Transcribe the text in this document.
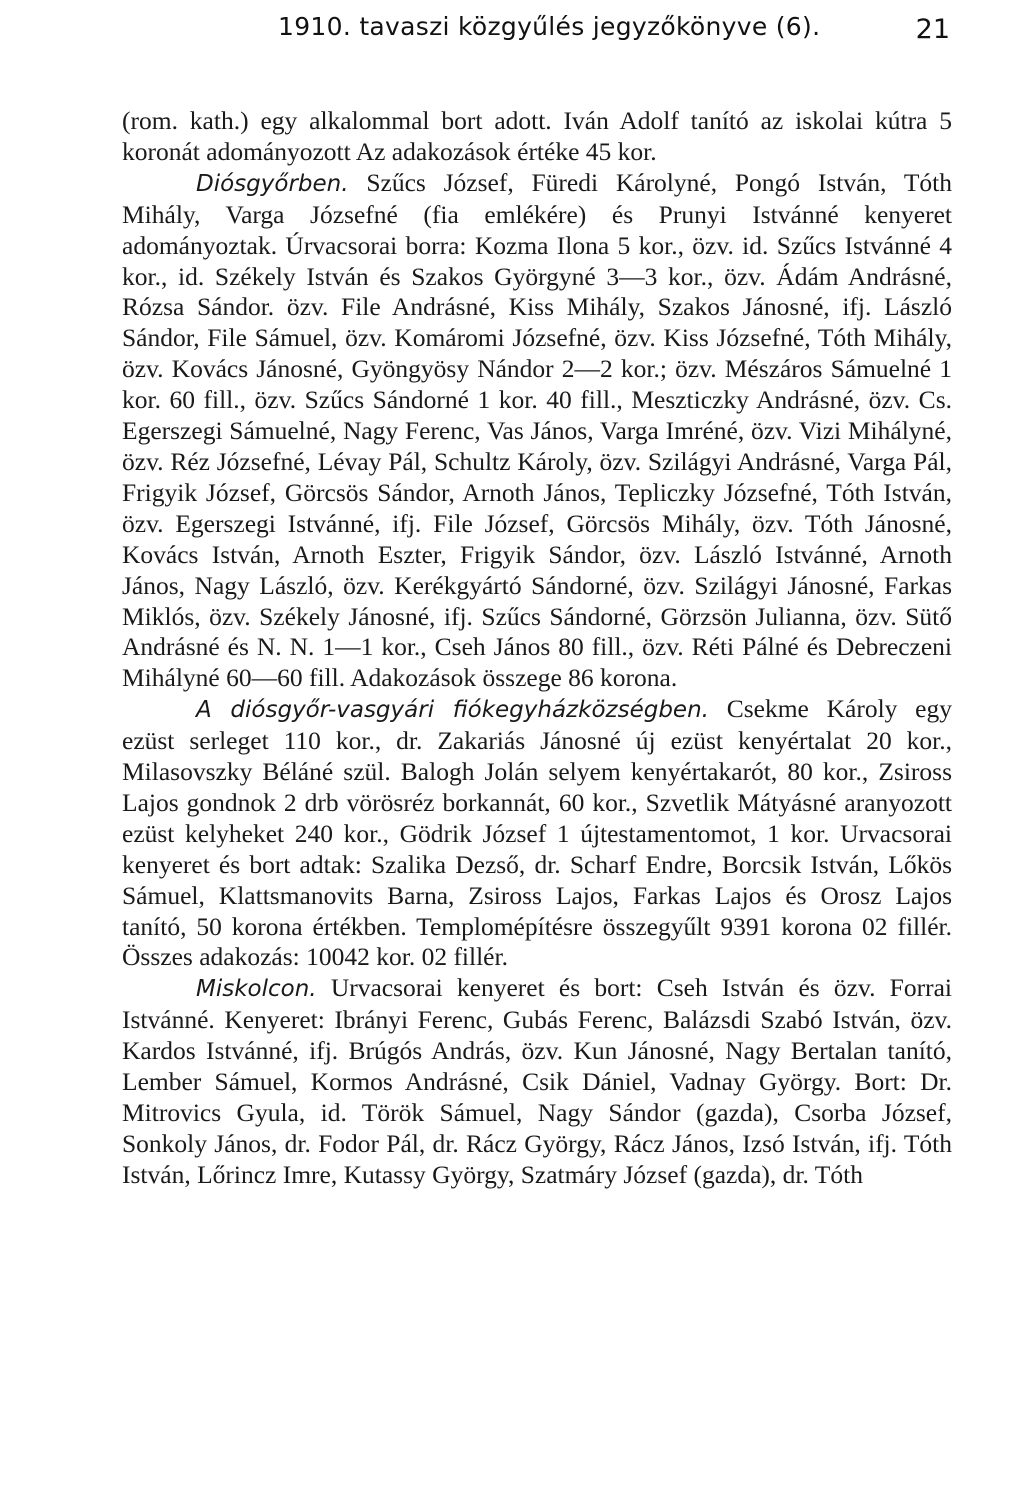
1910. tavaszi közgyűlés jegyzőkönyve (6).	21

(rom. kath.) egy alkalommal bort adott. Iván Adolf tanító az iskolai kútra 5 koronát adományozott Az adakozások értéke 45 kor.

Diósgyőrben. Szűcs József, Füredi Károlyné, Pongó István, Tóth Mihály, Varga Józsefné (fia emlékére) és Prunyi Istvánné kenyeret adományoztak. Úrvacsorai borra: Kozma Ilona 5 kor., özv. id. Szűcs Istvánné 4 kor., id. Székely István és Szakos Györgyné 3—3 kor., özv. Ádám Andrásné, Rózsa Sándor. özv. File Andrásné, Kiss Mihály, Szakos Jánosné, ifj. László Sándor, File Sámuel, özv. Komáromi Józsefné, özv. Kiss Józsefné, Tóth Mihály, özv. Kovács Jánosné, Gyöngyösy Nándor 2—2 kor.; özv. Mészáros Sámuelné 1 kor. 60 fill., özv. Szűcs Sándorné 1 kor. 40 fill., Meszticzky Andrásné, özv. Cs. Egerszegi Sámuelné, Nagy Ferenc, Vas János, Varga Imréné, özv. Vizi Mihályné, özv. Réz Józsefné, Lévay Pál, Schultz Károly, özv. Szilágyi Andrásné, Varga Pál, Frigyik József, Görcsös Sándor, Arnoth János, Tepliczky Józsefné, Tóth István, özv. Egerszegi Istvánné, ifj. File József, Görcsös Mihály, özv. Tóth Jánosné, Kovács István, Arnoth Eszter, Frigyik Sándor, özv. László Istvánné, Arnoth János, Nagy László, özv. Kerékgyártó Sándorné, özv. Szilágyi Jánosné, Farkas Miklós, özv. Székely Jánosné, ifj. Szűcs Sándorné, Görzsön Julianna, özv. Sütő Andrásné és N. N. 1—1 kor., Cseh János 80 fill., özv. Réti Pálné és Debreczeni Mihályné 60—60 fill. Adakozások összege 86 korona.

A diósgyőr-vasgyári fiókegyházközségben. Csekme Károly egy ezüst serleget 110 kor., dr. Zakariás Jánosné új ezüst kenyértalat 20 kor., Milasovszky Béláné szül. Balogh Jolán selyem kenyértakarót, 80 kor., Zsiross Lajos gondnok 2 drb vörösréz borkannát, 60 kor., Szvetlik Mátyásné aranyozott ezüst kelyheket 240 kor., Gödrik József 1 újtestamentomot, 1 kor. Urvacsorai kenyeret és bort adtak: Szalika Dezső, dr. Scharf Endre, Borcsik István, Lőkös Sámuel, Klattsmanovits Barna, Zsiross Lajos, Farkas Lajos és Orosz Lajos tanító, 50 korona értékben. Templomépítésre összegyűlt 9391 korona 02 fillér. Összes adakozás: 10042 kor. 02 fillér.

Miskolcon. Urvacsorai kenyeret és bort: Cseh István és özv. Forrai Istvánné. Kenyeret: Ibrányi Ferenc, Gubás Ferenc, Balázsdi Szabó István, özv. Kardos Istvánné, ifj. Brúgós András, özv. Kun Jánosné, Nagy Bertalan tanító, Lember Sámuel, Kormos Andrásné, Csik Dániel, Vadnay György. Bort: Dr. Mitrovics Gyula, id. Török Sámuel, Nagy Sándor (gazda), Csorba József, Sonkoly János, dr. Fodor Pál, dr. Rácz György, Rácz János, Izsó István, ifj. Tóth István, Lőrincz Imre, Kutassy György, Szatmáry József (gazda), dr. Tóth
